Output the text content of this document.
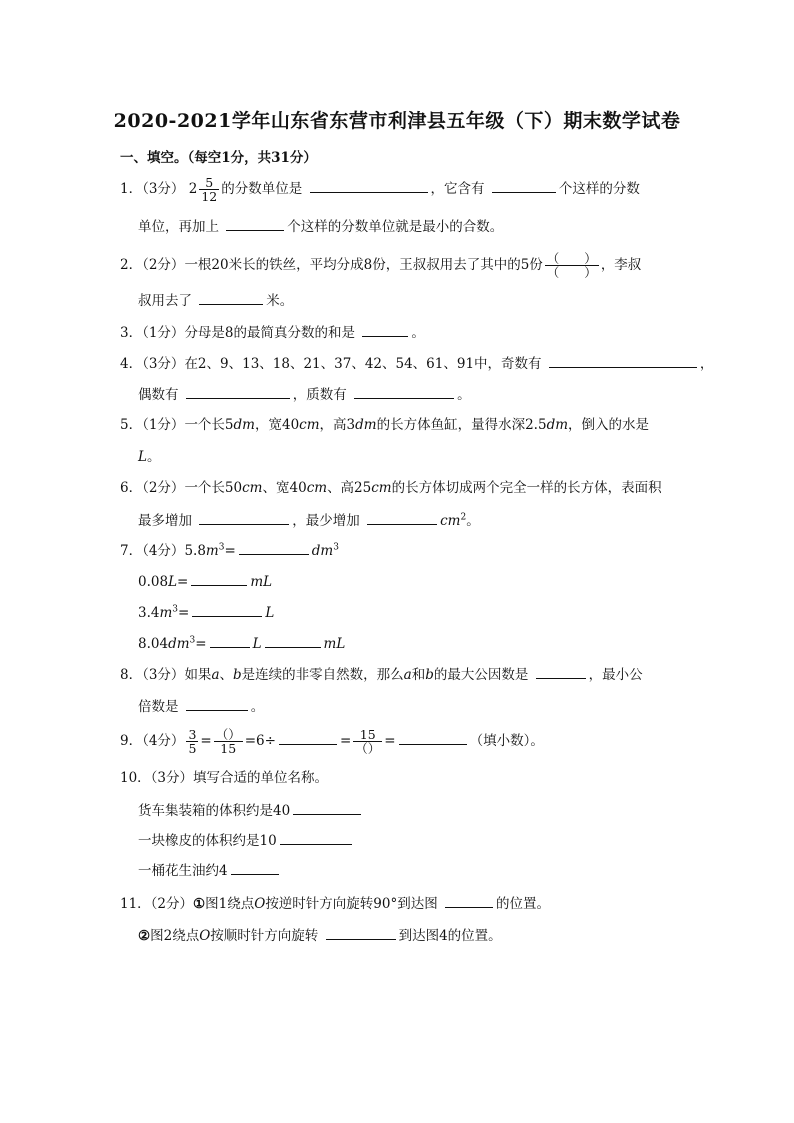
2020-2021学年山东省东营市利津县五年级（下）期末数学试卷
一、填空。（每空1分，共31分）
1．（3分） $2 \frac{5}{12}$ 的分数单位是	，它含有	个这样的分数
单位，再加上	个这样的分数单位就是最小的合数。
2．（2分）一根20米长的铁丝，平均分成8份，王叔叔用去了其中的5份 $\frac{( )}{( )}$ ，李叔
叔用去了	米。
3．（1分）分母是8的最简真分数的和是	。
4．（3分）在2、9、13、18、21、37、42、54、61、91中，奇数有	，
偶数有	，质数有	。
5．（1分）一个长5dm，宽40cm，高3dm的长方体鱼缸，量得水深2.5dm，倒入的水是
L。
6．（2分）一个长50cm、宽40cm、高25cm的长方体切成两个完全一样的长方体，表面积
最多增加	，最少增加	$cm^2$。
7．（4分）$5.8m^3=$	$dm^3$
0.08L=	mL
$3.4m^3=$	L
$8.04dm^3=$	L	mL
8．（3分）如果a、b是连续的非零自然数，那么a和b的最大公因数是	，最小公
倍数是	。
9．（4分） $\frac{3}{5} = \frac{()}{15} =6\div$	= $\frac{15}{()}$ =	（填小数）。
10．（3分）填写合适的单位名称。
货车集装箱的体积约是40
一块橡皮的体积约是10
一桶花生油约4
11．（2分）①图1绕点O按逆时针方向旋转90°到达图	的位置。
②图2绕点O按顺时针方向旋转	到达图4的位置。
